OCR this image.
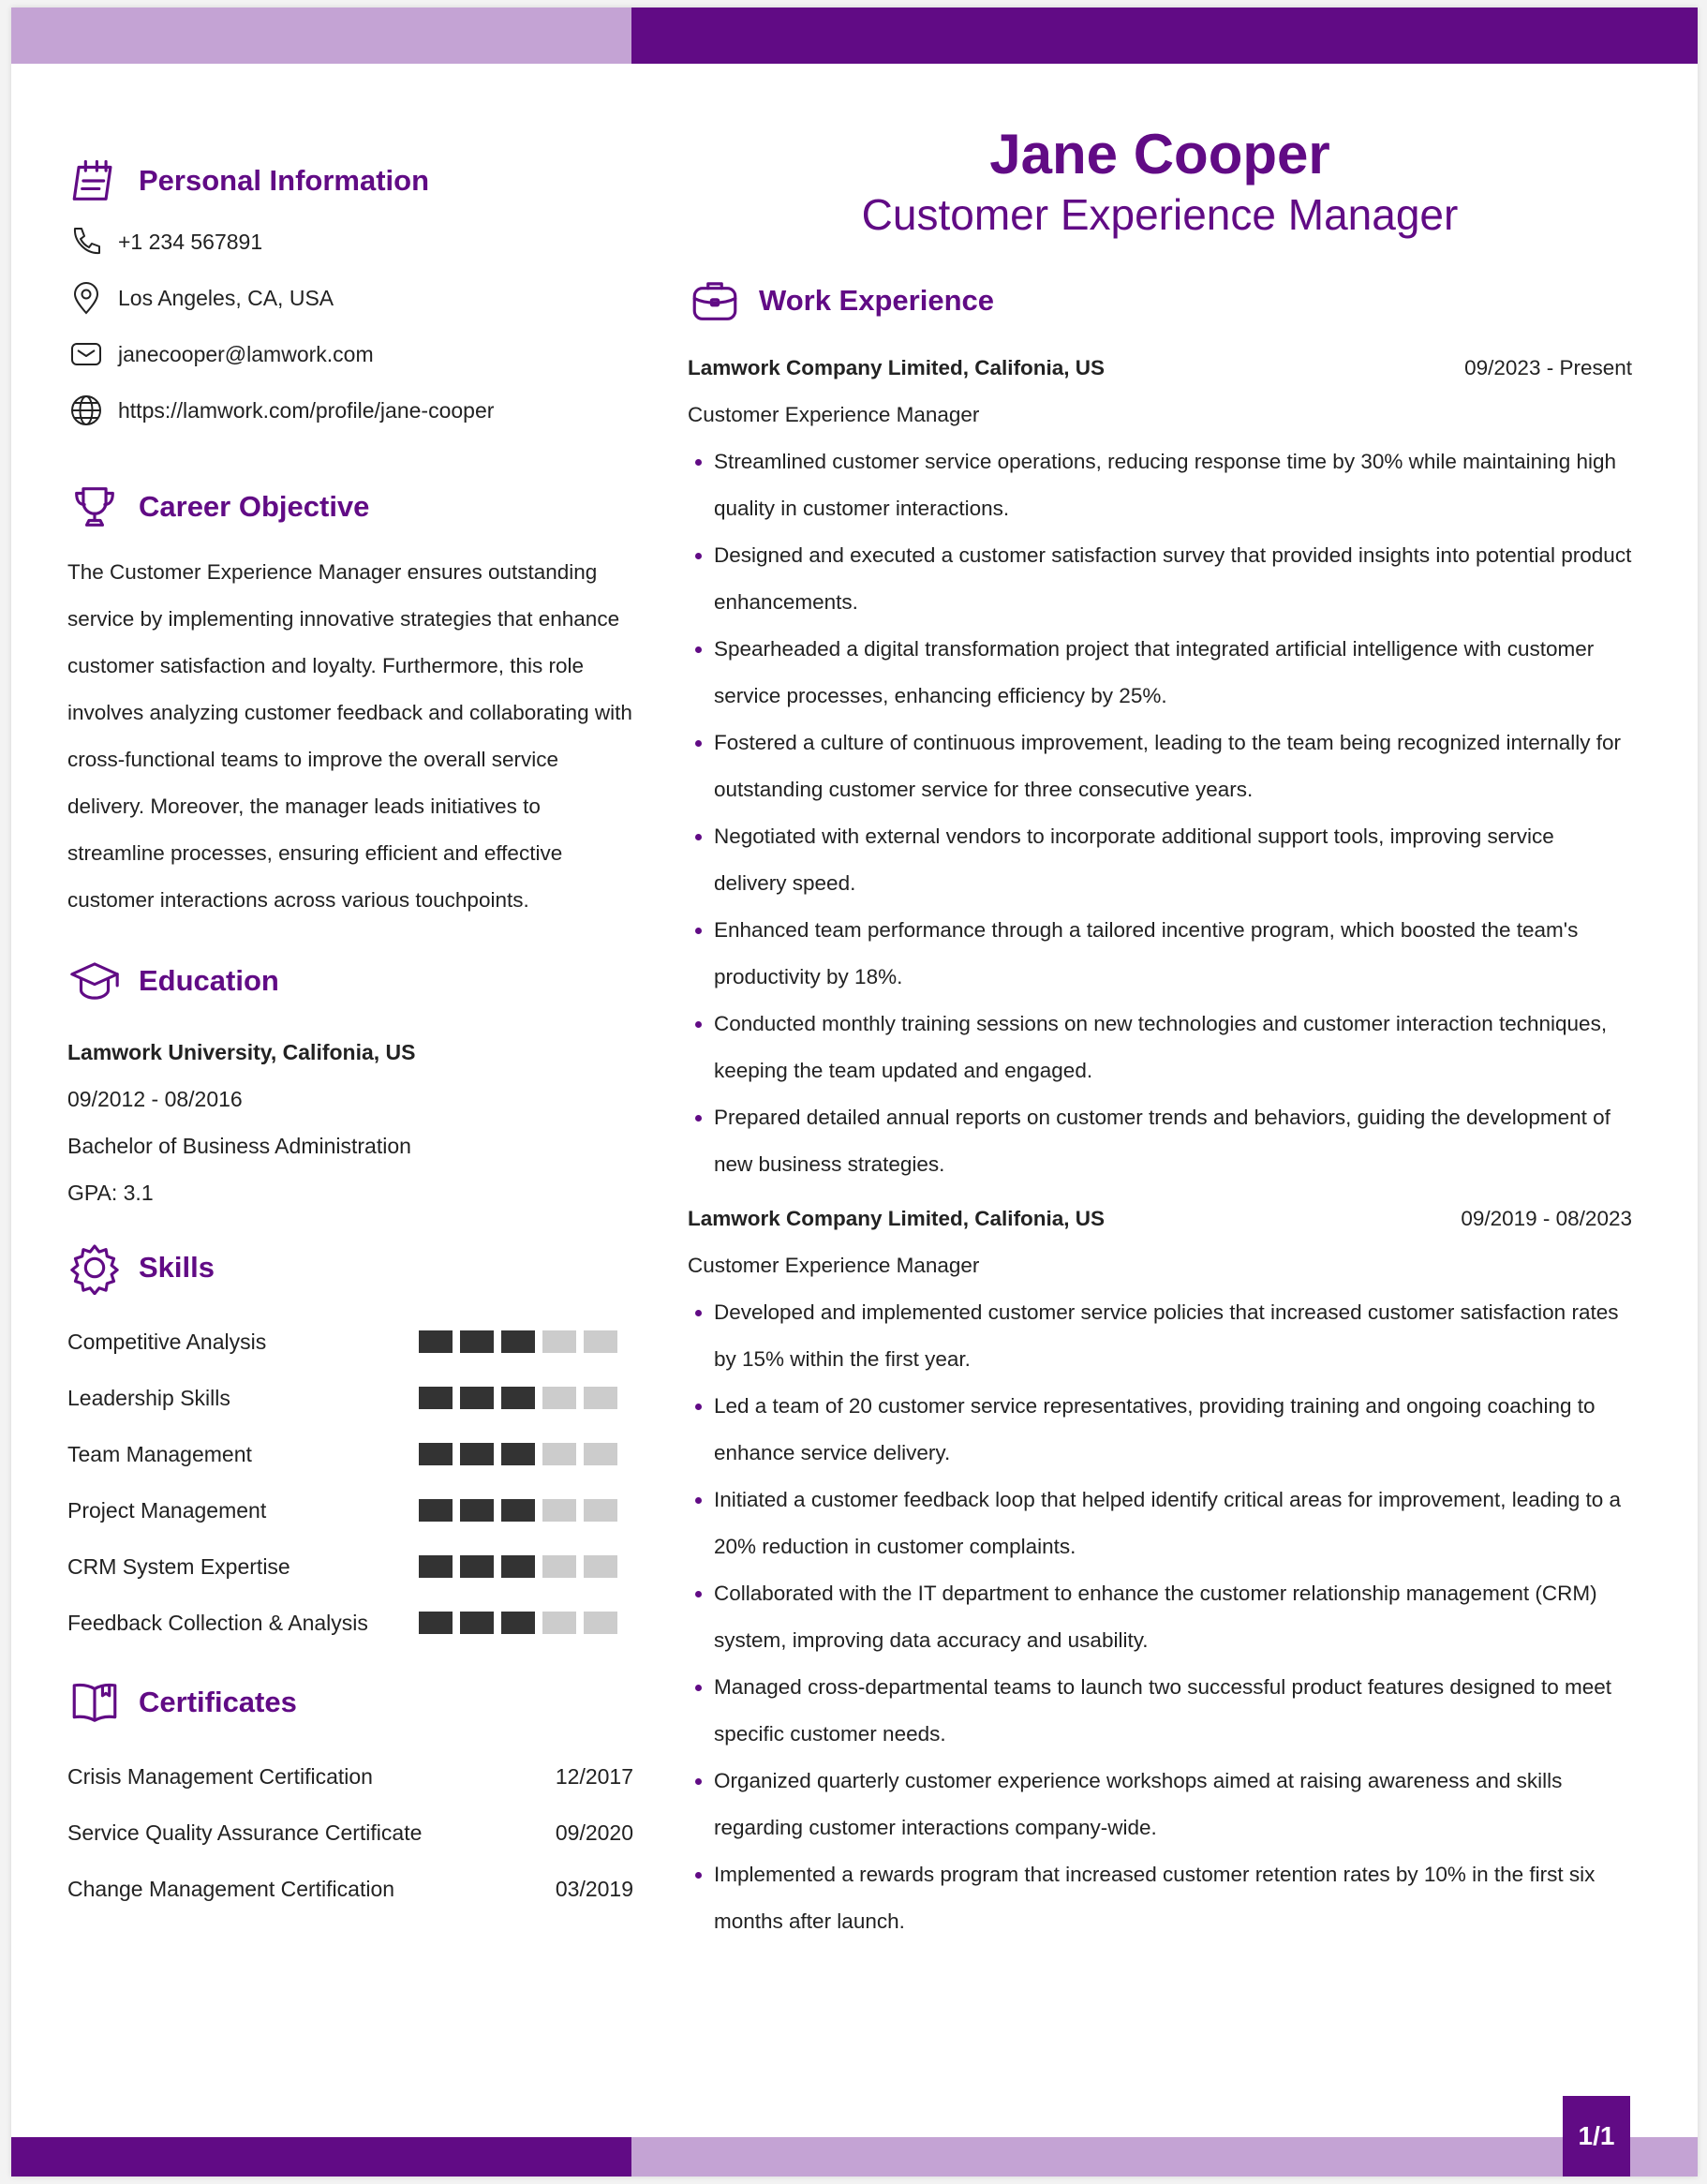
Personal Information
+1 234 567891
Los Angeles, CA, USA
janecooper@lamwork.com
https://lamwork.com/profile/jane-cooper
Career Objective
The Customer Experience Manager ensures outstanding service by implementing innovative strategies that enhance customer satisfaction and loyalty. Furthermore, this role involves analyzing customer feedback and collaborating with cross-functional teams to improve the overall service delivery. Moreover, the manager leads initiatives to streamline processes, ensuring efficient and effective customer interactions across various touchpoints.
Education
Lamwork University, Califonia, US
09/2012 - 08/2016
Bachelor of Business Administration
GPA: 3.1
Skills
Competitive Analysis
Leadership Skills
Team Management
Project Management
CRM System Expertise
Feedback Collection & Analysis
Certificates
Crisis Management Certification	12/2017
Service Quality Assurance Certificate	09/2020
Change Management Certification	03/2019
Jane Cooper
Customer Experience Manager
Work Experience
Lamwork Company Limited, Califonia, US	09/2023 - Present
Customer Experience Manager
• Streamlined customer service operations, reducing response time by 30% while maintaining high quality in customer interactions.
• Designed and executed a customer satisfaction survey that provided insights into potential product enhancements.
• Spearheaded a digital transformation project that integrated artificial intelligence with customer service processes, enhancing efficiency by 25%.
• Fostered a culture of continuous improvement, leading to the team being recognized internally for outstanding customer service for three consecutive years.
• Negotiated with external vendors to incorporate additional support tools, improving service delivery speed.
• Enhanced team performance through a tailored incentive program, which boosted the team's productivity by 18%.
• Conducted monthly training sessions on new technologies and customer interaction techniques, keeping the team updated and engaged.
• Prepared detailed annual reports on customer trends and behaviors, guiding the development of new business strategies.
Lamwork Company Limited, Califonia, US	09/2019 - 08/2023
Customer Experience Manager
• Developed and implemented customer service policies that increased customer satisfaction rates by 15% within the first year.
• Led a team of 20 customer service representatives, providing training and ongoing coaching to enhance service delivery.
• Initiated a customer feedback loop that helped identify critical areas for improvement, leading to a 20% reduction in customer complaints.
• Collaborated with the IT department to enhance the customer relationship management (CRM) system, improving data accuracy and usability.
• Managed cross-departmental teams to launch two successful product features designed to meet specific customer needs.
• Organized quarterly customer experience workshops aimed at raising awareness and skills regarding customer interactions company-wide.
• Implemented a rewards program that increased customer retention rates by 10% in the first six months after launch.
1/1
